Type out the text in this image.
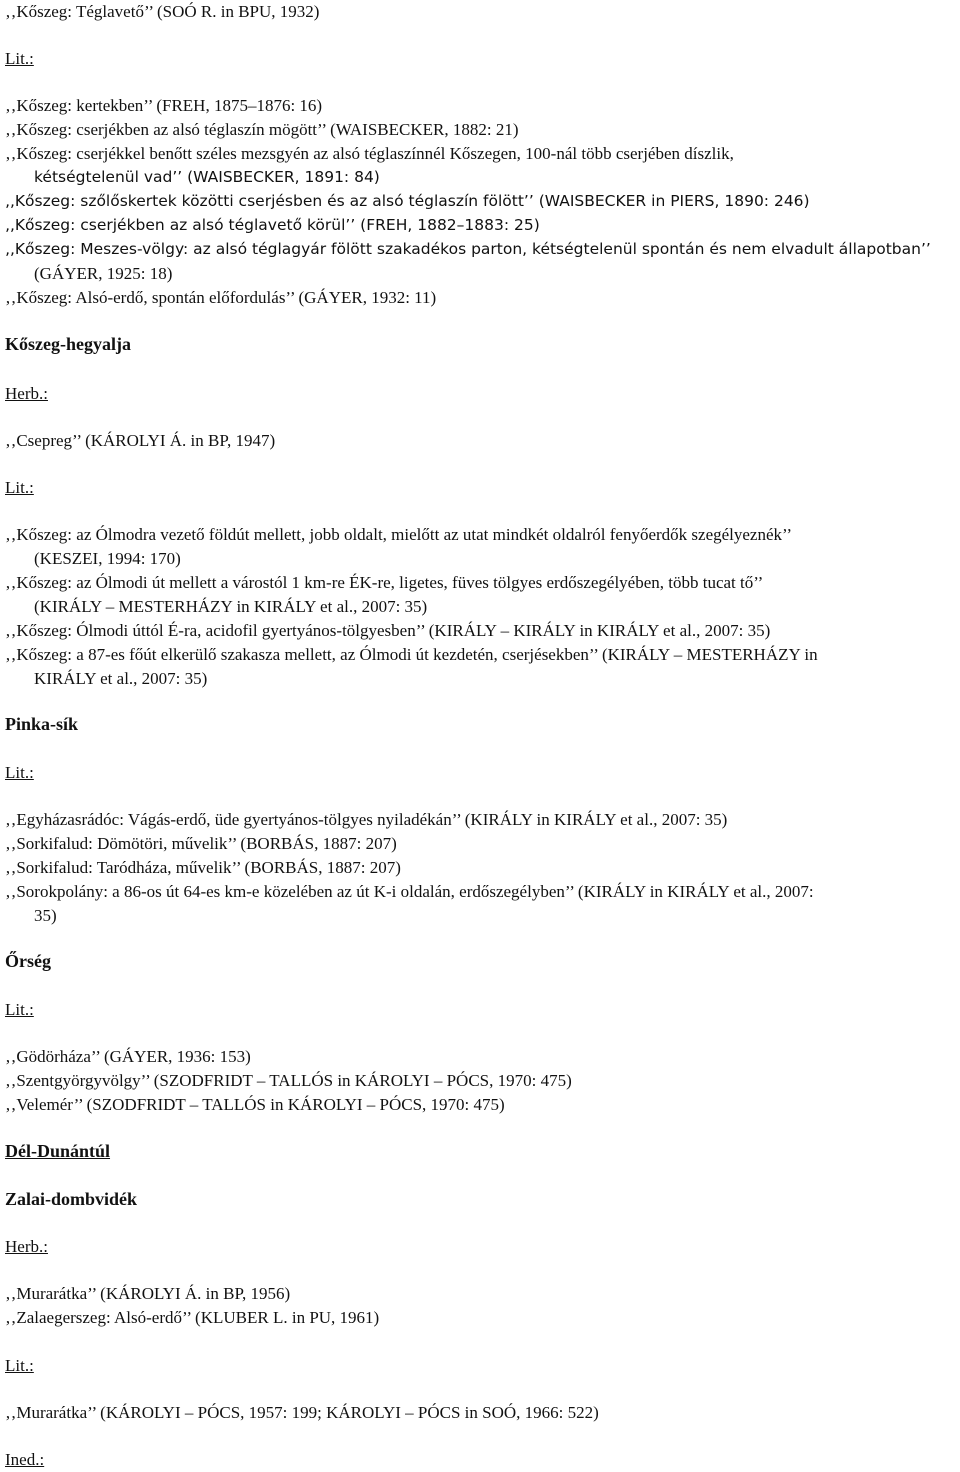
‚‚Kőszeg: Téglavető’’ (SOÓ R. in BPU, 1932)
Lit.:
‚‚Kőszeg: kertekben’’ (FREH, 1875–1876: 16)
‚‚Kőszeg: cserjékben az alsó téglaszín mögött’’ (WAISBECKER, 1882: 21)
‚‚Kőszeg: cserjékkel benőtt széles mezsgyén az alsó téglaszínnél Kőszegen, 100-nál több cserjében díszlik,
kétségtelenül vad’’ (WAISBECKER, 1891: 84)
‚‚Kőszeg: szőlőskertek közötti cserjésben és az alsó téglaszín fölött’’ (WAISBECKER in PIERS, 1890: 246)
‚‚Kőszeg: cserjékben az alsó téglavető körül’’ (FREH, 1882–1883: 25)
‚‚Kőszeg: Meszes-völgy: az alsó téglagyár fölött szakadékos parton, kétségtelenül spontán és nem elvadult állapotban’’
(GÁYER, 1925: 18)
‚‚Kőszeg: Alsó-erdő, spontán előfordulás’’ (GÁYER, 1932: 11)
Kőszeg-hegyalja
Herb.:
‚‚Csepreg’’ (KÁROLYI Á. in BP, 1947)
Lit.:
‚‚Kőszeg: az Ólmodra vezető földút mellett, jobb oldalt, mielőtt az utat mindkét oldalról fenyőerdők szegélyeznék’’
(KESZEI, 1994: 170)
‚‚Kőszeg: az Ólmodi út mellett a várostól 1 km-re ÉK-re, ligetes, füves tölgyes erdőszegélyében, több tucat tő’’
(KIRÁLY – MESTERHÁZY in KIRÁLY et al., 2007: 35)
‚‚Kőszeg: Ólmodi úttól É-ra, acidofil gyertyános-tölgyesben’’ (KIRÁLY – KIRÁLY in KIRÁLY et al., 2007: 35)
‚‚Kőszeg: a 87-es főút elkerülő szakasza mellett, az Ólmodi út kezdetén, cserjésekben’’ (KIRÁLY – MESTERHÁZY in
KIRÁLY et al., 2007: 35)
Pinka-sík
Lit.:
‚‚Egyházasrádóc: Vágás-erdő, üde gyertyános-tölgyes nyiladékán’’ (KIRÁLY in KIRÁLY et al., 2007: 35)
‚‚Sorkifalud: Dömötöri, művelik’’ (BORBÁS, 1887: 207)
‚‚Sorkifalud: Taródháza, művelik’’ (BORBÁS, 1887: 207)
‚‚Sorokpolány: a 86-os út 64-es km-e közelében az út K-i oldalán, erdőszegélyben’’ (KIRÁLY in KIRÁLY et al., 2007:
35)
Őrség
Lit.:
‚‚Gödörháza’’ (GÁYER, 1936: 153)
‚‚Szentgyörgyvölgy’’ (SZODFRIDT – TALLÓS in KÁROLYI – PÓCS, 1970: 475)
‚‚Velemér’’ (SZODFRIDT – TALLÓS in KÁROLYI – PÓCS, 1970: 475)
Dél-Dunántúl
Zalai-dombvidék
Herb.:
‚‚Murarátka’’ (KÁROLYI Á. in BP, 1956)
‚‚Zalaegerszeg: Alsó-erdő’’ (KLUBER L. in PU, 1961)
Lit.:
‚‚Murarátka’’ (KÁROLYI – PÓCS, 1957: 199; KÁROLYI – PÓCS in SOÓ, 1966: 522)
Ined.:
